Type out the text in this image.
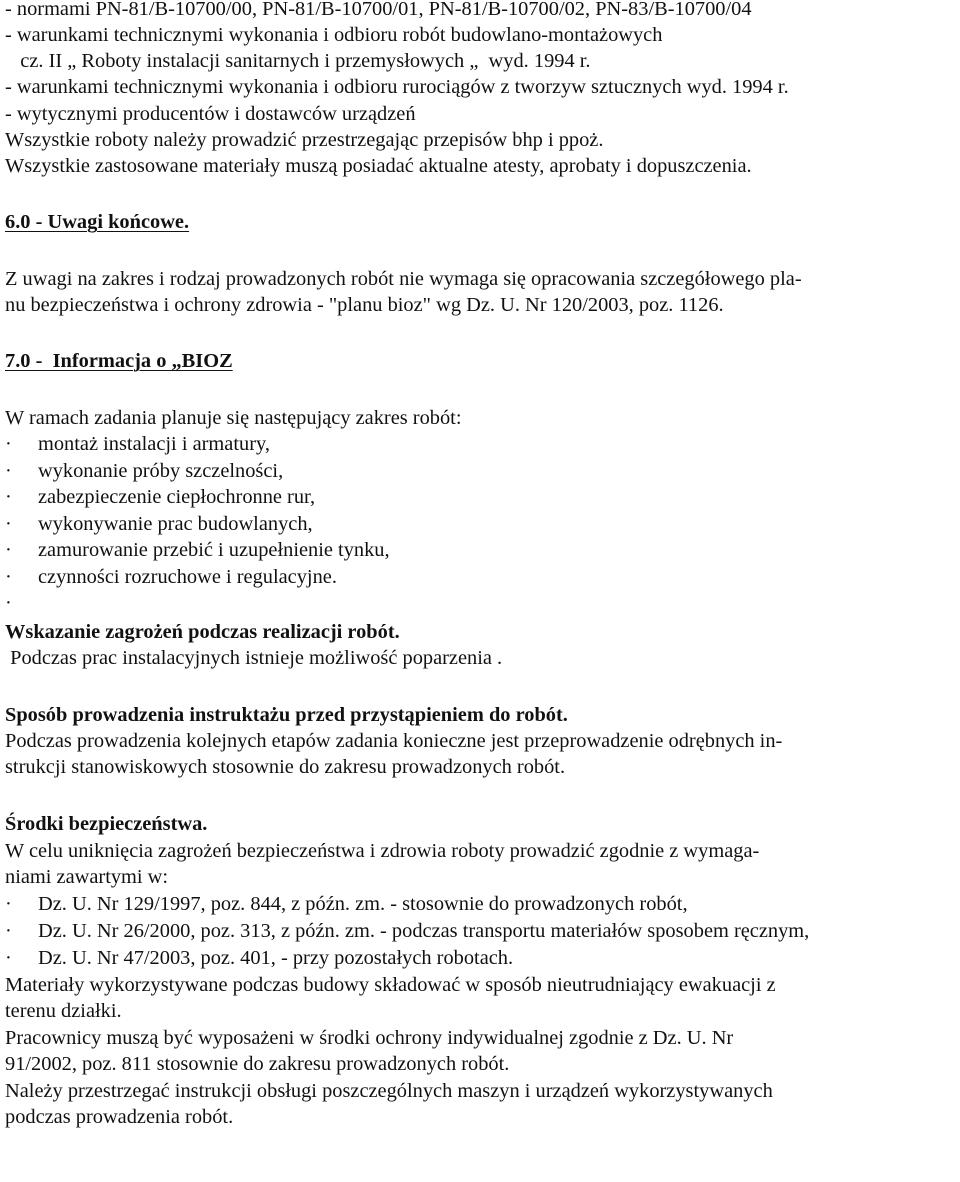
- normami PN-81/B-10700/00, PN-81/B-10700/01, PN-81/B-10700/02, PN-83/B-10700/04
- warunkami technicznymi wykonania i odbioru robót budowlano-montażowych
cz. II „ Roboty instalacji sanitarnych i przemysłowych „  wyd. 1994 r.
- warunkami technicznymi wykonania i odbioru rurociągów z tworzyw sztucznych wyd. 1994 r.
- wytycznymi producentów i dostawców urządzeń
Wszystkie roboty należy prowadzić przestrzegając przepisów bhp i ppoż.
Wszystkie zastosowane materiały muszą posiadać aktualne atesty, aprobaty i dopuszczenia.
6.0 - Uwagi końcowe.
Z uwagi na zakres i rodzaj prowadzonych robót nie wymaga się opracowania szczegółowego pla-
nu bezpieczeństwa i ochrony zdrowia - "planu bioz" wg Dz. U. Nr 120/2003, poz. 1126.
7.0 -  Informacja o „BIOZ
W ramach zadania planuje się następujący zakres robót:
· montaż instalacji i armatury,
· wykonanie próby szczelności,
· zabezpieczenie ciepłochronne rur,
· wykonywanie prac budowlanych,
· zamurowanie przebić i uzupełnienie tynku,
· czynności rozruchowe i regulacyjne.
·
Wskazanie zagrożeń podczas realizacji robót.
Podczas prac instalacyjnych istnieje możliwość poparzenia .
Sposób prowadzenia instruktażu przed przystąpieniem do robót.
Podczas prowadzenia kolejnych etapów zadania konieczne jest przeprowadzenie odrębnych in-
strukcji stanowiskowych stosownie do zakresu prowadzonych robót.
Środki bezpieczeństwa.
W celu uniknięcia zagrożeń bezpieczeństwa i zdrowia roboty prowadzić zgodnie z wymaga-
niami zawartymi w:
· Dz. U. Nr 129/1997, poz. 844, z późn. zm. - stosownie do prowadzonych robót,
· Dz. U. Nr 26/2000, poz. 313, z późn. zm. - podczas transportu materiałów sposobem ręcznym,
· Dz. U. Nr 47/2003, poz. 401, - przy pozostałych robotach.
Materiały wykorzystywane podczas budowy składować w sposób nieutrudniający ewakuacji z
terenu działki.
Pracownicy muszą być wyposażeni w środki ochrony indywidualnej zgodnie z Dz. U. Nr
91/2002, poz. 811 stosownie do zakresu prowadzonych robót.
Należy przestrzegać instrukcji obsługi poszczególnych maszyn i urządzeń wykorzystywanych
podczas prowadzenia robót.
